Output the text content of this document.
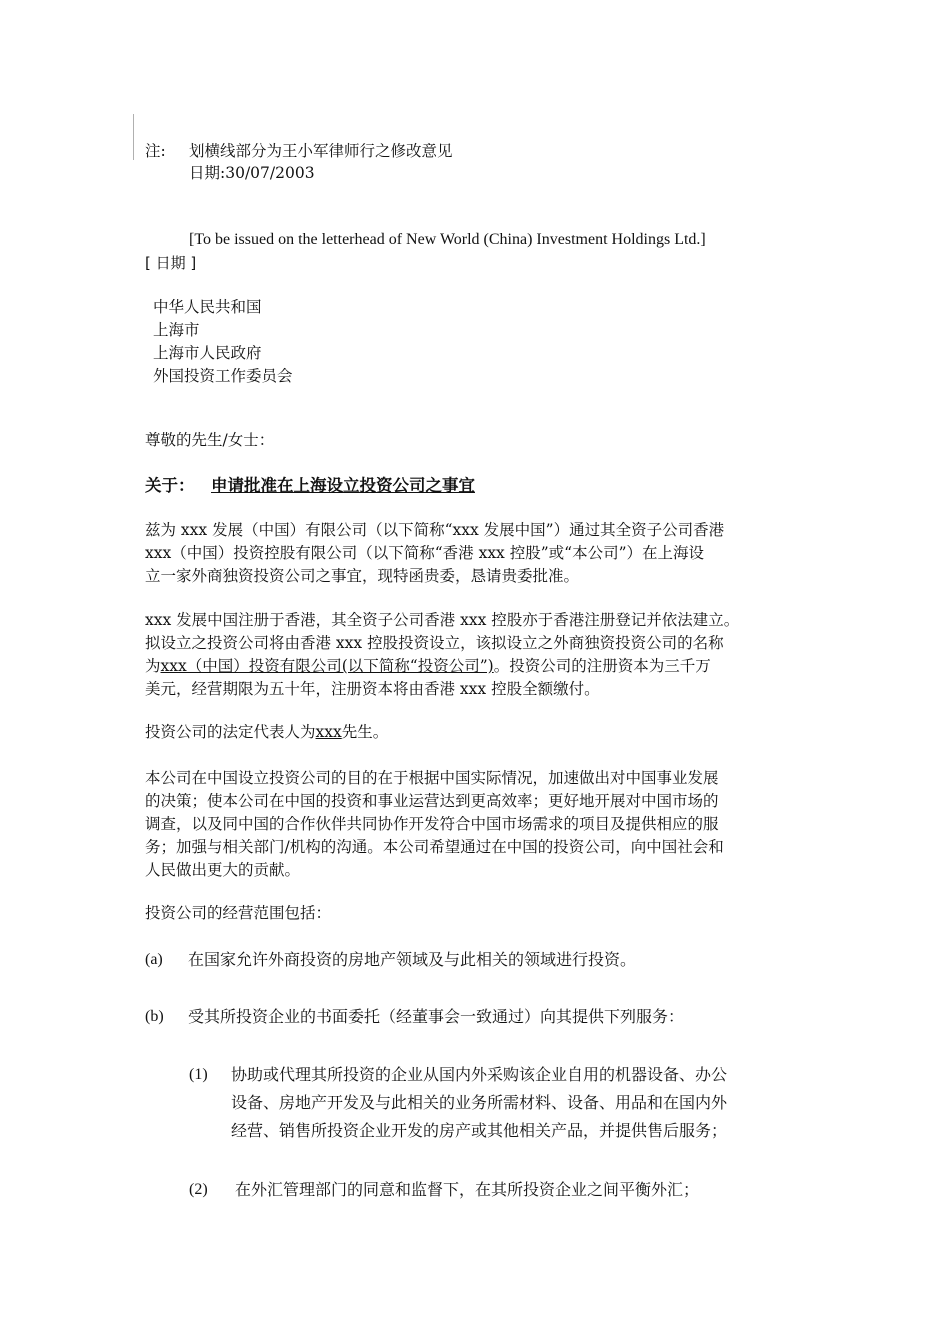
注: 划横线部分为王小军律师行之修改意见
日期:30/07/2003
[To be issued on the letterhead of New World (China) Investment Holdings Ltd.]
[ 日期 ]
中华人民共和国
上海市
上海市人民政府
外国投资工作委员会
尊敬的先生/女士：
关于： 申请批准在上海设立投资公司之事宜
兹为 xxx 发展（中国）有限公司（以下简称“xxx 发展中国”）通过其全资子公司香港
xxx（中国）投资控股有限公司（以下简称“香港 xxx 控股”或“本公司”）在上海设
立一家外商独资投资公司之事宜，现特函贵委，恳请贵委批准。
xxx 发展中国注册于香港，其全资子公司香港 xxx 控股亦于香港注册登记并依法建立。
拟设立之投资公司将由香港 xxx 控股投资设立，该拟设立之外商独资投资公司的名称
为xxx（中国）投资有限公司(以下简称“投资公司”)。投资公司的注册资本为三千万
美元，经营期限为五十年，注册资本将由香港 xxx 控股全额缴付。
投资公司的法定代表人为xxx先生。
本公司在中国设立投资公司的目的在于根据中国实际情况，加速做出对中国事业发展
的决策；使本公司在中国的投资和事业运营达到更高效率；更好地开展对中国市场的
调查，以及同中国的合作伙伴共同协作开发符合中国市场需求的项目及提供相应的服
务；加强与相关部门/机构的沟通。本公司希望通过在中国的投资公司，向中国社会和
人民做出更大的贡献。
投资公司的经营范围包括：
(a) 在国家允许外商投资的房地产领域及与此相关的领域进行投资。
(b) 受其所投资企业的书面委托（经董事会一致通过）向其提供下列服务：
(1) 协助或代理其所投资的企业从国内外采购该企业自用的机器设备、办公
设备、房地产开发及与此相关的业务所需材料、设备、用品和在国内外
经营、销售所投资企业开发的房产或其他相关产品，并提供售后服务；
(2) 在外汇管理部门的同意和监督下，在其所投资企业之间平衡外汇；
